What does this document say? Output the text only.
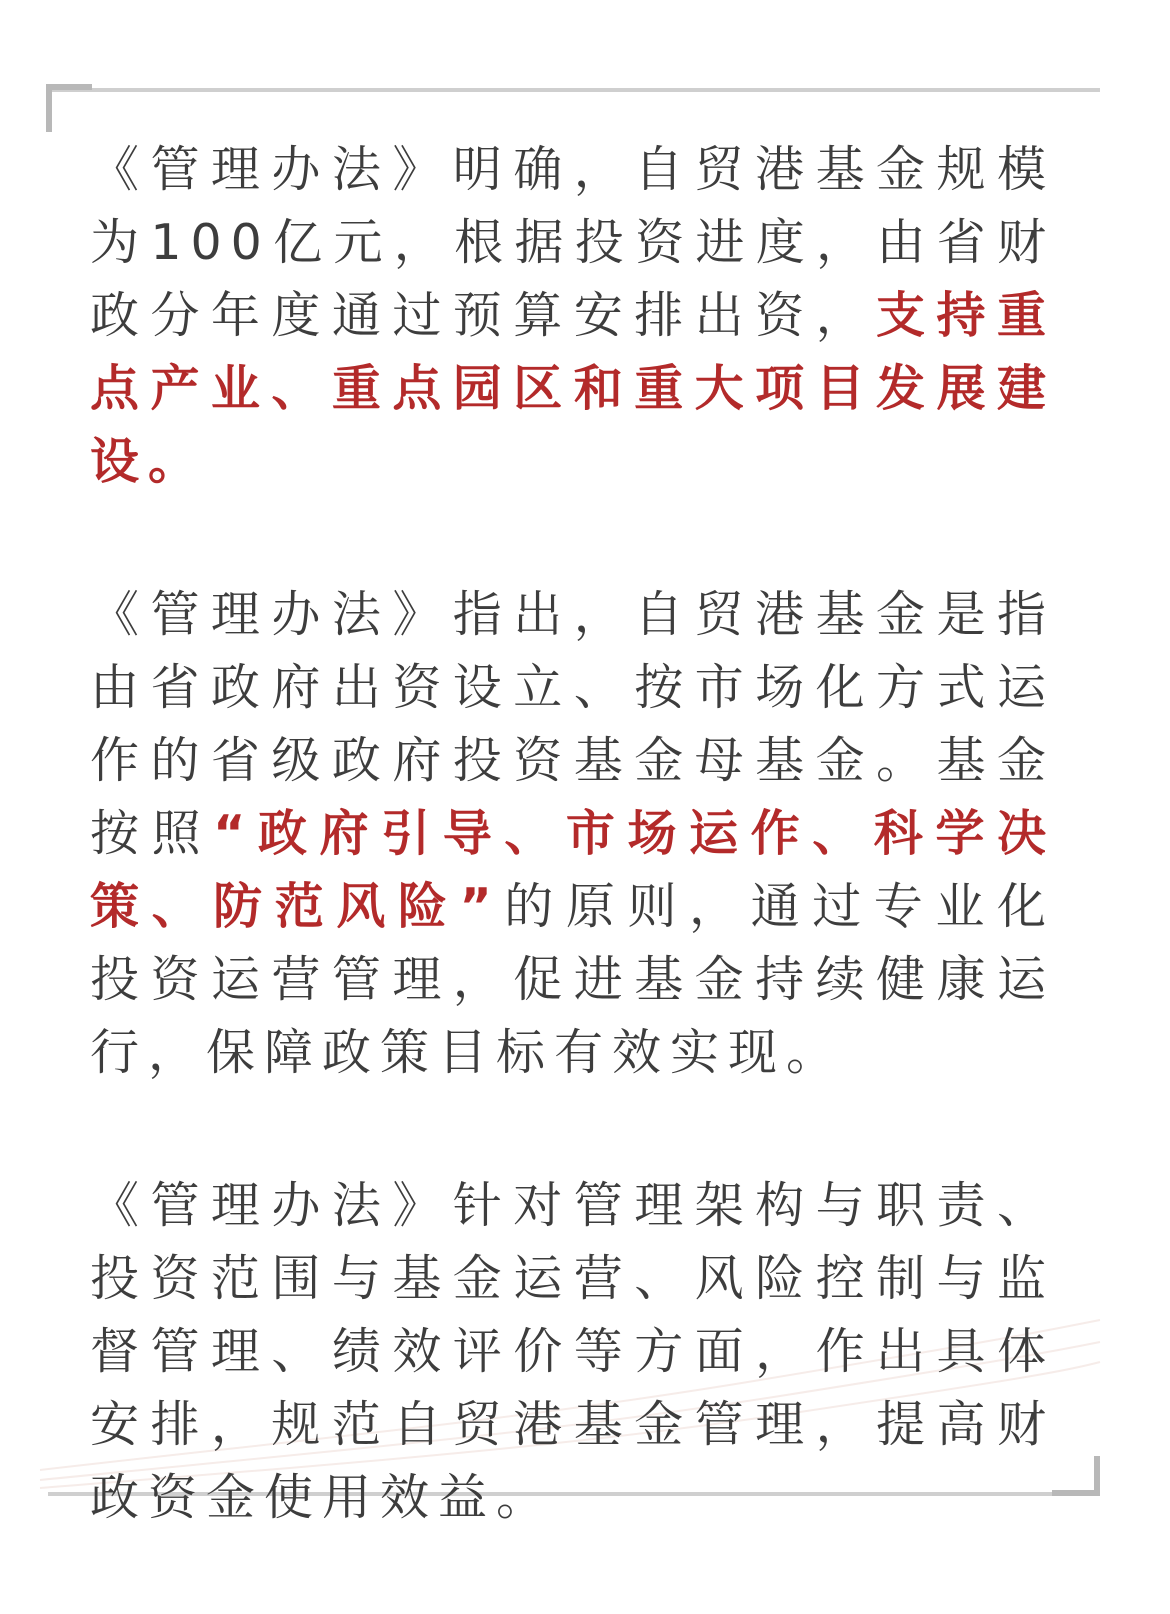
《管理办法》明确，自贸港基金规模为100亿元，根据投资进度，由省财政分年度通过预算安排出资，支持重点产业、重点园区和重大项目发展建设。

《管理办法》指出，自贸港基金是指由省政府出资设立、按市场化方式运作的省级政府投资基金母基金。基金按照“政府引导、市场运作、科学决策、防范风险”的原则，通过专业化投资运营管理，促进基金持续健康运行，保障政策目标有效实现。

《管理办法》针对管理架构与职责、投资范围与基金运营、风险控制与监督管理、绩效评价等方面，作出具体安排，规范自贸港基金管理，提高财政资金使用效益。
